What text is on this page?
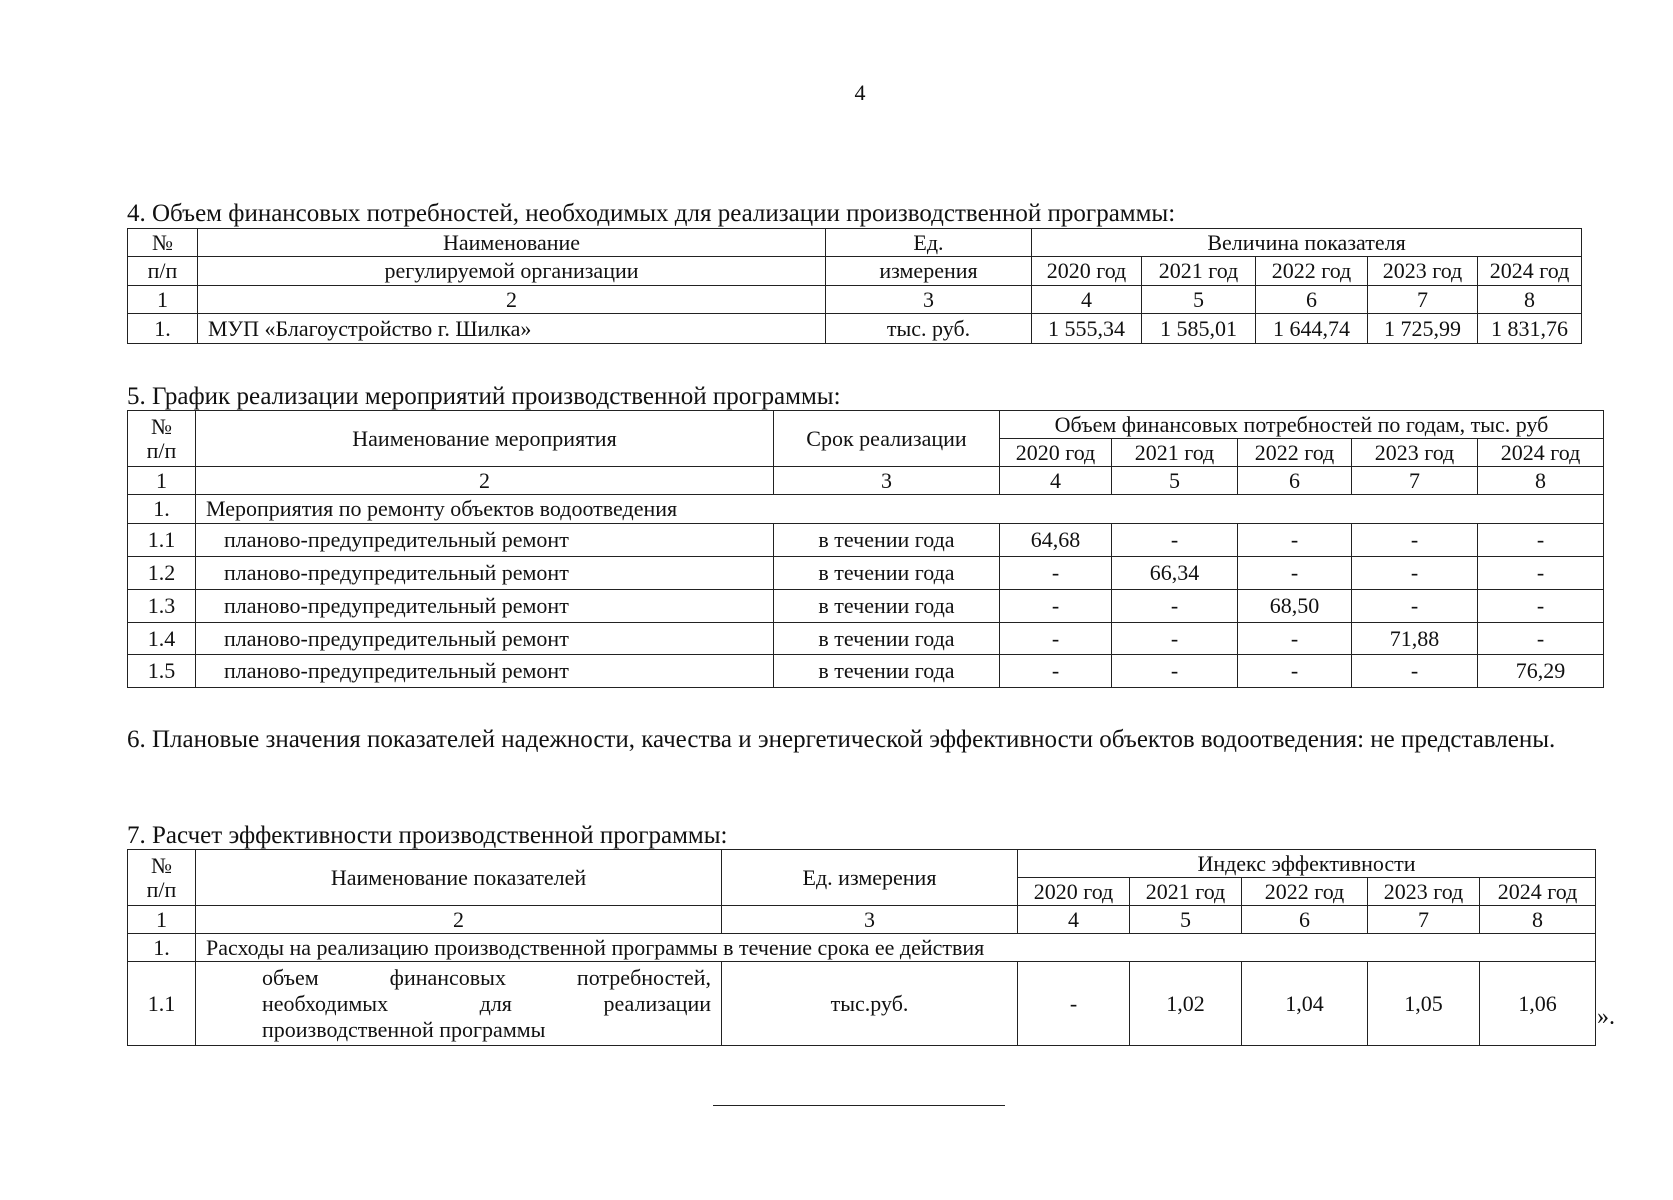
4

4. Объем финансовых потребностей, необходимых для реализации производственной программы:

№	Наименование	Ед.	Величина показателя				
п/п	регулируемой организации	измерения	2020 год	2021 год	2022 год	2023 год	2024 год
1	2	3	4	5	6	7	8
1.	МУП «Благоустройство г. Шилка»	тыс. руб.	1 555,34	1 585,01	1 644,74	1 725,99	1 831,76

5. График реализации мероприятий производственной программы:

№
п/п	Наименование мероприятия	Срок реализации	Объем финансовых потребностей по годам, тыс. руб				
			2020 год	2021 год	2022 год	2023 год	2024 год
1	2	3	4	5	6	7	8
1.	Мероприятия по ремонту объектов водоотведения						
1.1	планово-предупредительный ремонт	в течении года	64,68	-	-	-	-
1.2	планово-предупредительный ремонт	в течении года	-	66,34	-	-	-
1.3	планово-предупредительный ремонт	в течении года	-	-	68,50	-	-
1.4	планово-предупредительный ремонт	в течении года	-	-	-	71,88	-
1.5	планово-предупредительный ремонт	в течении года	-	-	-	-	76,29

6. Плановые значения показателей надежности, качества и энергетической эффективности объектов водоотведения: не представлены.

7. Расчет эффективности производственной программы:

№
п/п	Наименование показателей	Ед. измерения	Индекс эффективности				
			2020 год	2021 год	2022 год	2023 год	2024 год
1	2	3	4	5	6	7	8
1.	Расходы на реализацию производственной программы в течение срока ее действия						
1.1	объем финансовых потребностей, необходимых для реализации производственной программы	тыс.руб.	-	1,02	1,04	1,05	1,06
».
